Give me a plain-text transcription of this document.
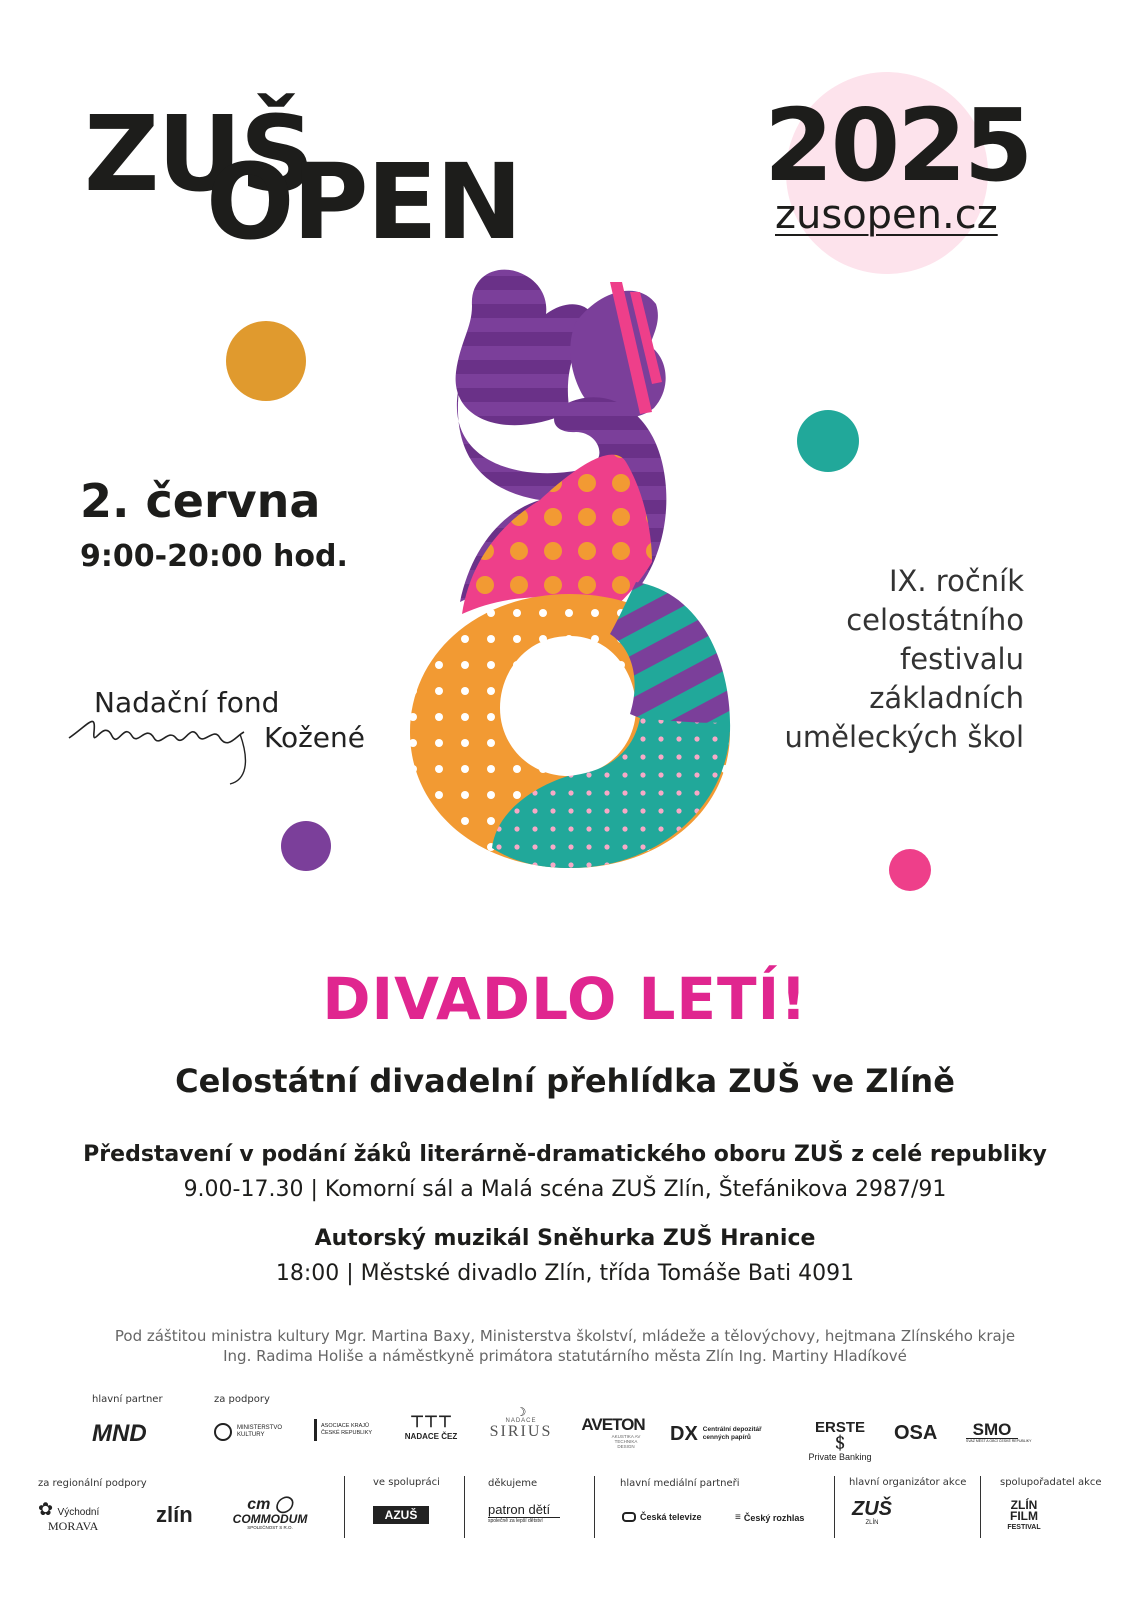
ZUŠ
OPEN 2025
zusopen.cz
2. června
9:00-20:00 hod.
Nadační fond
Kožené
IX. ročník
celostátního
festivalu
základních
uměleckých škol
DIVADLO LETÍ!
Celostátní divadelní přehlídka ZUŠ ve Zlíně
Představení v podání žáků literárně-dramatického oboru ZUŠ z celé republiky
9.00-17.30 | Komorní sál a Malá scéna ZUŠ Zlín, Štefánikova 2987/91
Autorský muzikál Sněhurka ZUŠ Hranice
18:00 | Městské divadlo Zlín, třída Tomáše Bati 4091
Pod záštitou ministra kultury Mgr. Martina Baxy, Ministerstva školství, mládeže a tělovýchovy, hejtmana Zlínského kraje
Ing. Radima Holiše a náměstkyně primátora statutárního města Zlín Ing. Martiny Hladíkové
hlavní partner	za podpory
MND	MINISTERSTVO KULTURY
ASOCIACE KRAJŮ ČESKÉ REPUBLIKY
⊤⊤⊤
NADACE ČEZ
☽
NADACE
SIRIUS AVETON
AKUSTIKA AV TECHNIKA DESIGN
DX Centrální depozitář cenných papírů
ERSTE ＄
Private Banking
OSA	SMO
SVAZ MĚST A OBCÍ ČESKÉ REPUBLIKY
za regionální podpory	ve spolupráci	děkujeme	hlavní mediální partneři	hlavní organizátor akce	spolupořadatel akce
✿ Východní
MORAVA	zlín	cm ◯
COMMODUM
SPOLEČNOST S R.O.
AZUŠ	patron dětí
společně za lepší dětství	Česká televize	≡ Český rozhlas ZUŠ
ZLÍN
ZLÍN
FILM
FESTIVAL
